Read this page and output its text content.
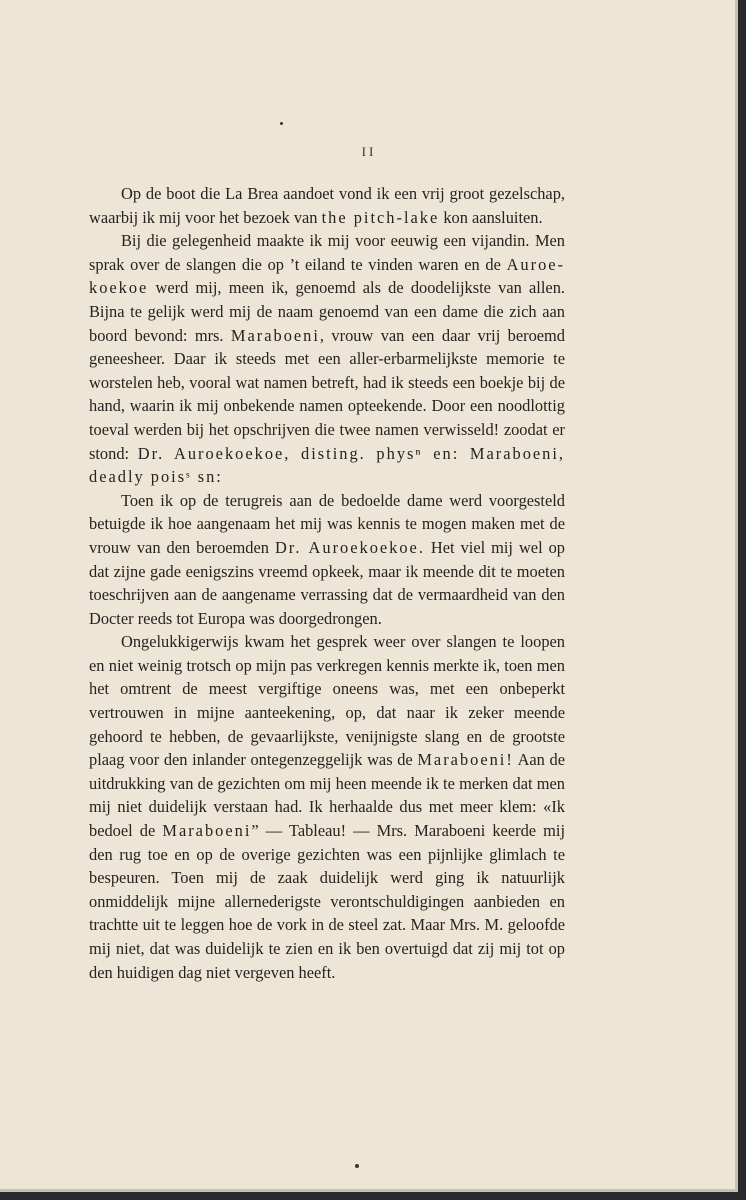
II

Op de boot die La Brea aandoet vond ik een vrij groot gezelschap, waarbij ik mij voor het bezoek van the pitch-lake kon aansluiten.

Bij die gelegenheid maakte ik mij voor eeuwig een vijandin. Men sprak over de slangen die op ’t eiland te vinden waren en de Auroe-koekoe werd mij, meen ik, genoemd als de doodelijkste van allen. Bijna te gelijk werd mij de naam genoemd van een dame die zich aan boord bevond: mrs. Maraboeni, vrouw van een daar vrij beroemd geneesheer. Daar ik steeds met een aller-erbarmelijkste memorie te worstelen heb, vooral wat namen betreft, had ik steeds een boekje bij de hand, waarin ik mij onbekende namen opteekende. Door een noodlottig toeval werden bij het opschrijven die twee namen verwisseld! zoodat er stond: Dr. Auroekoekoe, disting. physⁿ en: Maraboeni, deadly poisˢ sn:

Toen ik op de terugreis aan de bedoelde dame werd voorgesteld betuigde ik hoe aangenaam het mij was kennis te mogen maken met de vrouw van den beroemden Dr. Auroekoekoe. Het viel mij wel op dat zijne gade eenigszins vreemd opkeek, maar ik meende dit te moeten toeschrijven aan de aangename verrassing dat de vermaardheid van den Docter reeds tot Europa was doorgedrongen.

Ongelukkigerwijs kwam het gesprek weer over slangen te loopen en niet weinig trotsch op mijn pas verkregen kennis merkte ik, toen men het omtrent de meest vergiftige oneens was, met een onbeperkt vertrouwen in mijne aanteekening, op, dat naar ik zeker meende gehoord te hebben, de gevaarlijkste, venijnigste slang en de grootste plaag voor den inlander ontegenzeggelijk was de Maraboeni! Aan de uitdrukking van de gezichten om mij heen meende ik te merken dat men mij niet duidelijk verstaan had. Ik herhaalde dus met meer klem: «Ik bedoel de Maraboeni” — Tableau! — Mrs. Maraboeni keerde mij den rug toe en op de overige gezichten was een pijnlijke glimlach te bespeuren. Toen mij de zaak duidelijk werd ging ik natuurlijk onmiddelijk mijne allernederigste verontschuldigingen aanbieden en trachtte uit te leggen hoe de vork in de steel zat. Maar Mrs. M. geloofde mij niet, dat was duidelijk te zien en ik ben overtuigd dat zij mij tot op den huidigen dag niet vergeven heeft.
